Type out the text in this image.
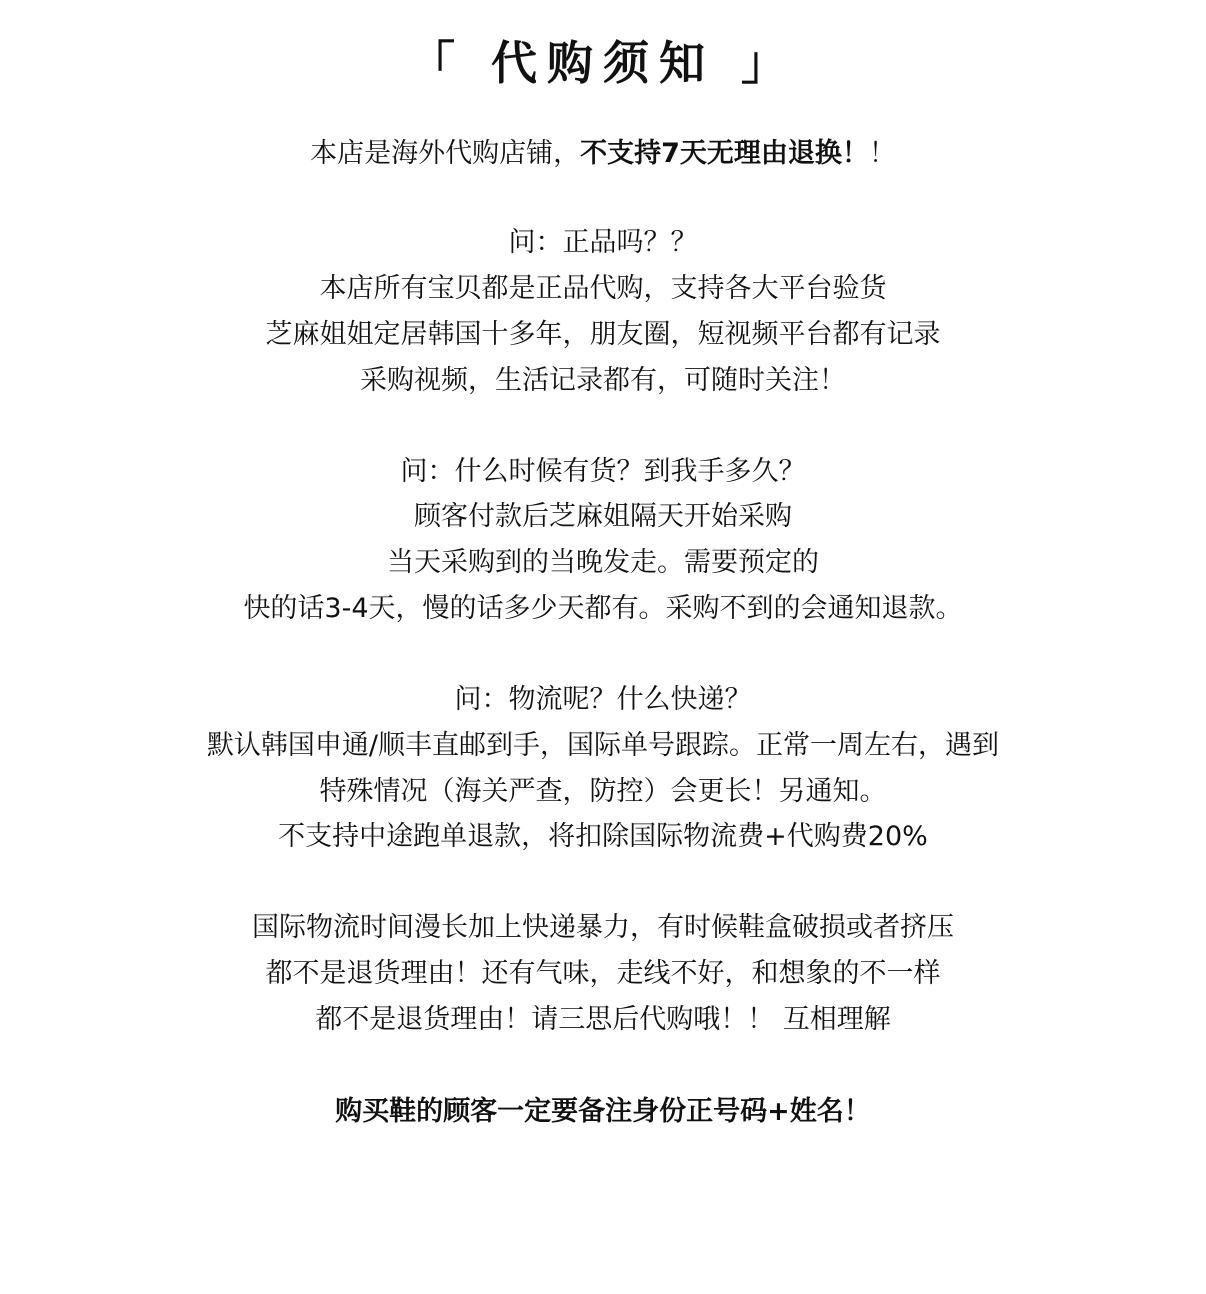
「 代购须知 」
本店是海外代购店铺，不支持7天无理由退换！！
问：正品吗？？
本店所有宝贝都是正品代购，支持各大平台验货
芝麻姐姐定居韩国十多年，朋友圈，短视频平台都有记录
采购视频，生活记录都有，可随时关注！
问：什么时候有货？到我手多久？
顾客付款后芝麻姐隔天开始采购
当天采购到的当晚发走。需要预定的
快的话3-4天，慢的话多少天都有。采购不到的会通知退款。
问：物流呢？什么快递？
默认韩国申通/顺丰直邮到手，国际单号跟踪。正常一周左右，遇到
特殊情况（海关严查，防控）会更长！另通知。
不支持中途跑单退款，将扣除国际物流费+代购费20%
国际物流时间漫长加上快递暴力，有时候鞋盒破损或者挤压
都不是退货理由！还有气味，走线不好，和想象的不一样
都不是退货理由！请三思后代购哦！！ 互相理解
购买鞋的顾客一定要备注身份正号码+姓名！
